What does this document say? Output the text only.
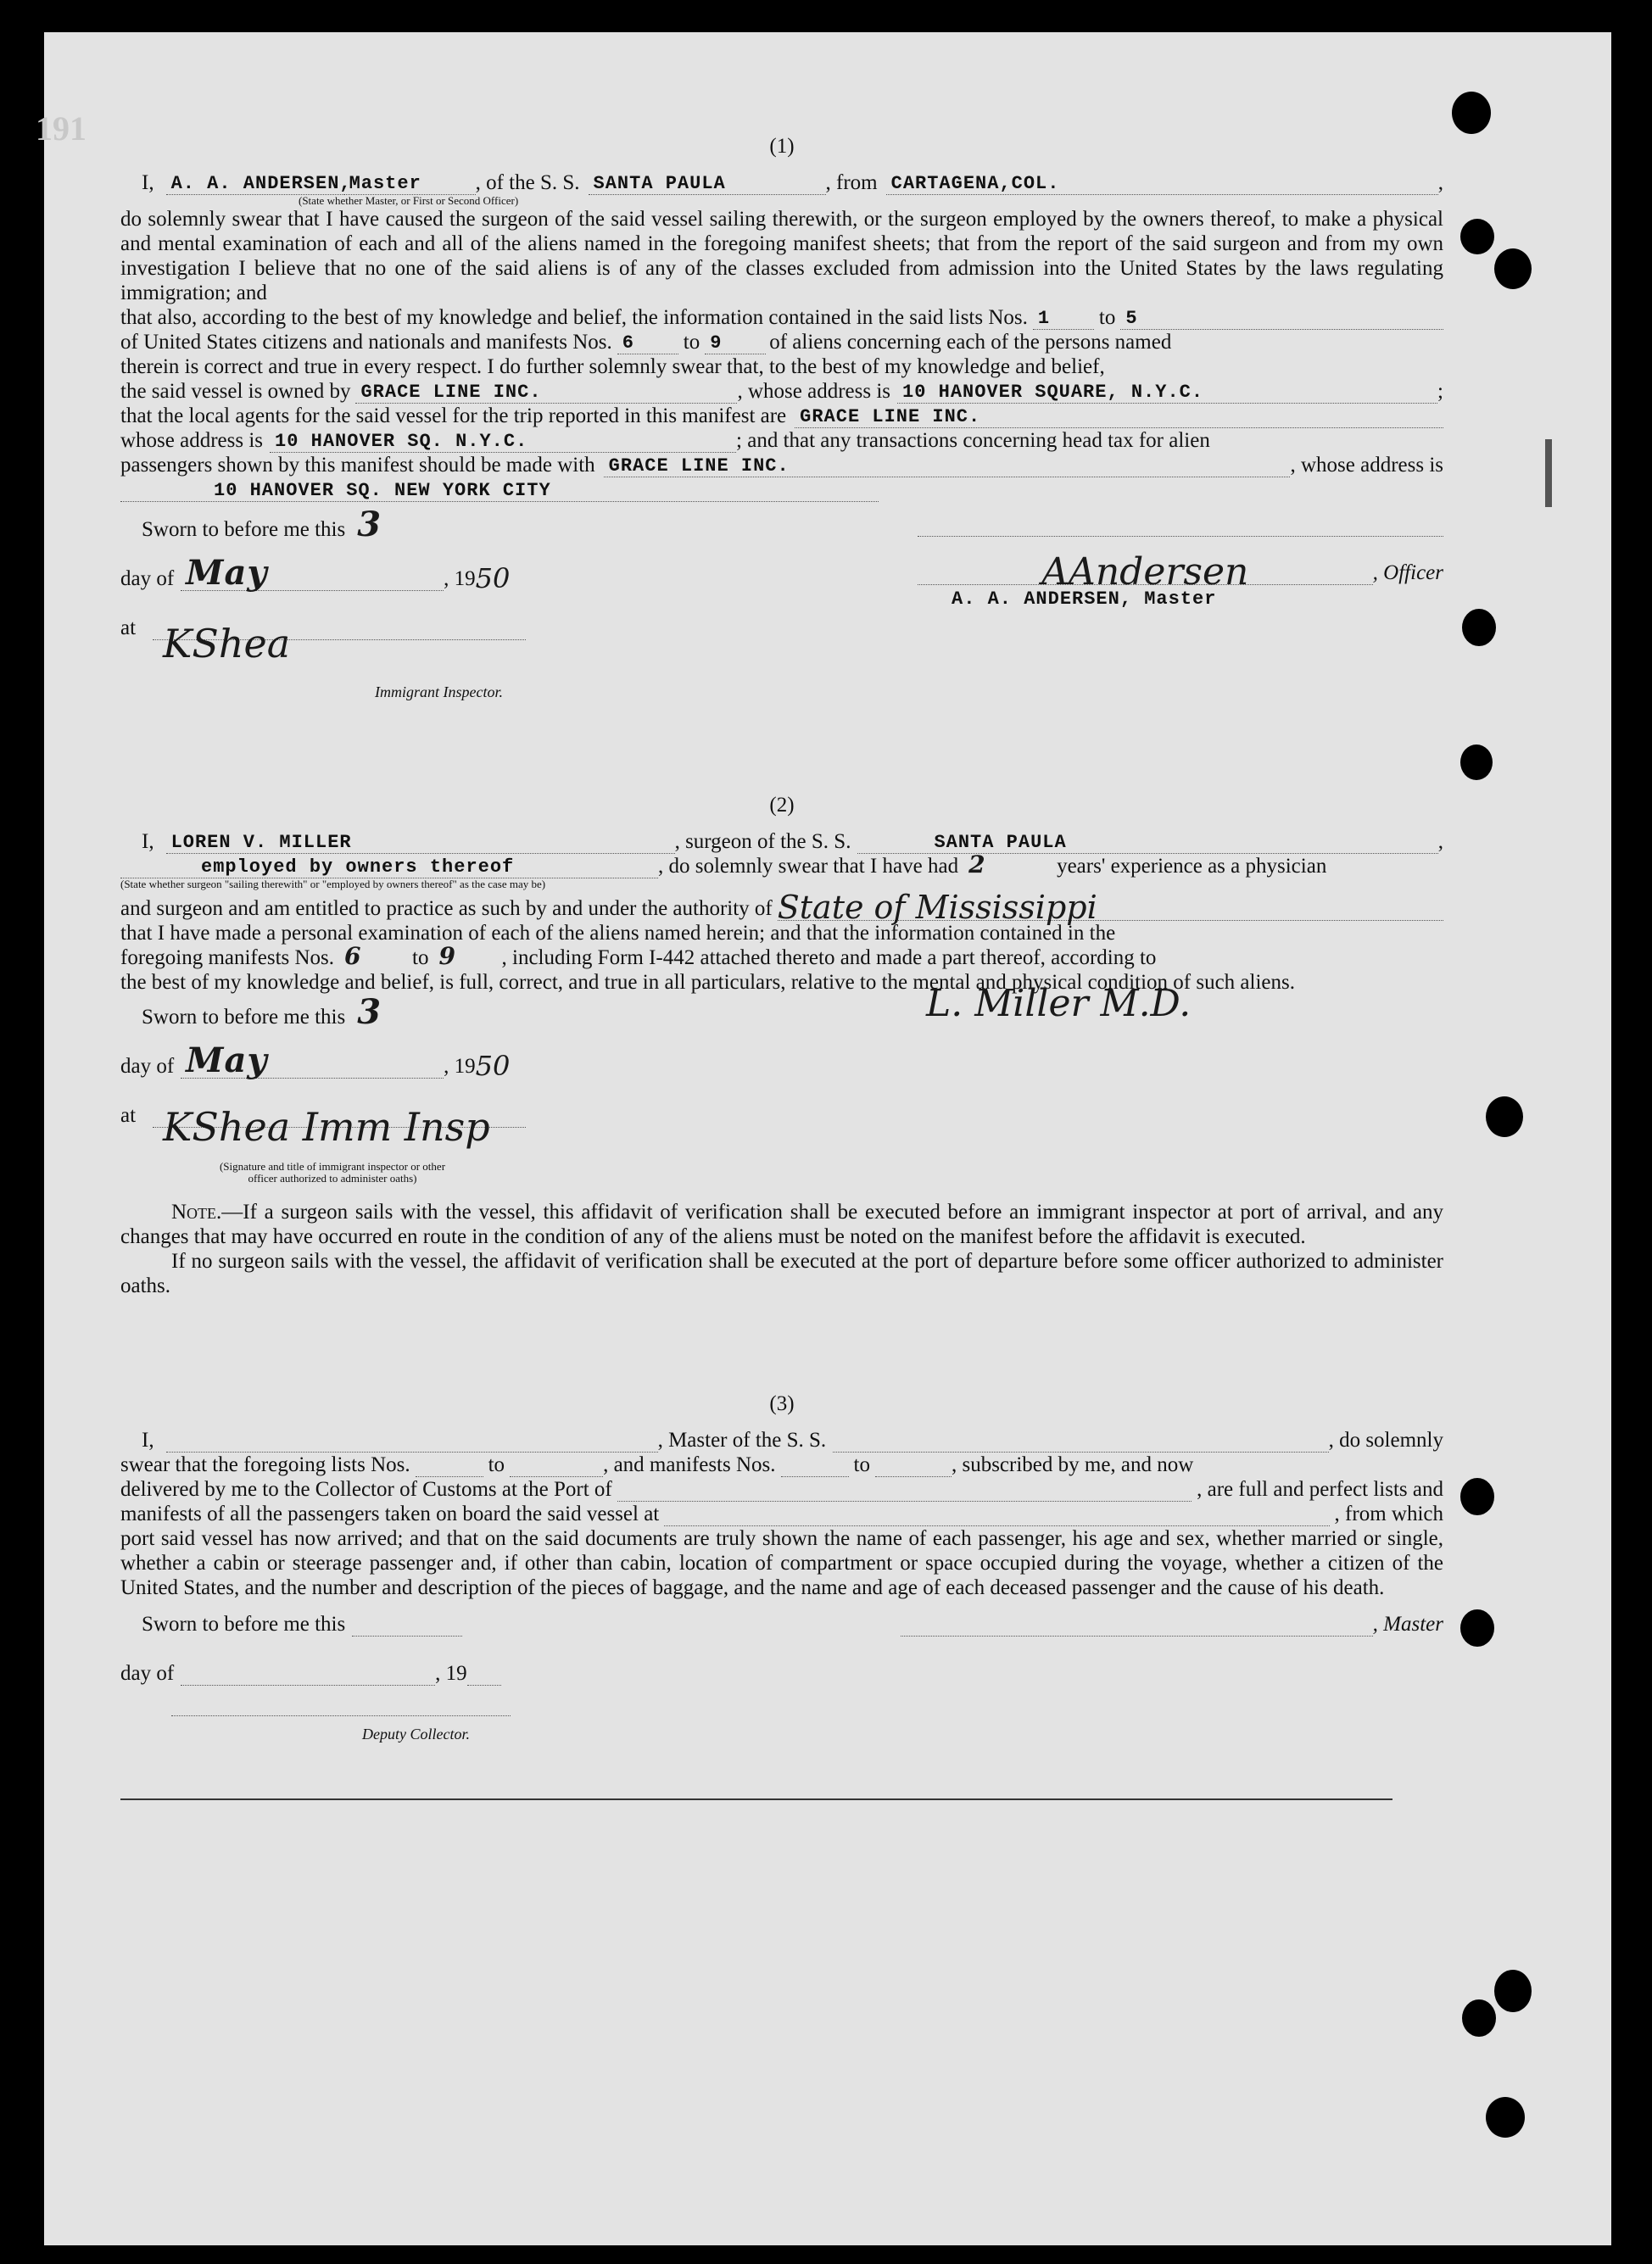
191	(1)
I, A. A. ANDERSEN,
Master	, of the S. S. SANTA PAULA	, from CARTAGENA,COL.	,
(State whether Master, or First or Second Officer)

do solemnly swear that I have caused the surgeon of the said vessel sailing therewith, or the surgeon employed by the owners thereof, to make a physical and mental examination of each and all of the aliens named in the foregoing manifest sheets; that from the report of the said surgeon and from my own investigation I believe that no one of the said aliens is of any of the classes excluded from admission into the United States by the laws regulating immigration; and

that also, according to the best of my knowledge and belief, the information contained in the said lists Nos. 1	to 5
of United States citizens and nationals and manifests Nos. 6	to 9	of aliens concerning each of the persons named

therein is correct and true in every respect. I do further solemnly swear that, to the best of my knowledge and belief,

the said vessel is owned by GRACE LINE INC.	, whose address is 10 HANOVER SQUARE, N.Y.C.	;
that the local agents for the said vessel for the trip reported in this manifest are GRACE LINE INC.
whose address is 10 HANOVER SQ. N.Y.C.	; and that any transactions concerning head tax for alien
passengers shown by this manifest should be made with GRACE LINE INC.	, whose address is
10 HANOVER SQ. NEW YORK CITY
Sworn to before me this 3
day of May	, 19 50	AAndersen	, Officer
A. A. ANDERSEN, Master
at KShea
Immigrant Inspector.
(2)
I, LOREN V. MILLER	, surgeon of the S. S.	SANTA PAULA	,
employed by owners thereof	, do solemnly swear that I have had 2	years' experience as a physician
(State whether surgeon "sailing therewith" or "employed by owners thereof" as the case may be)
and surgeon and am entitled to practice as such by and under the authority of State of Mississippi

that I have made a personal examination of each of the aliens named herein; and that the information contained in the

foregoing manifests Nos. 6	to 9	, including Form I-442 attached thereto and made a part thereof, according to

the best of my knowledge and belief, is full, correct, and true in all particulars, relative to the mental and physical condition of such aliens.

Sworn to before me this 3	L. Miller M.D.
day of May	, 19 50
at KShea Imm Insp
(Signature and title of immigrant inspector or other officer authorized to administer oaths)

Note.—If a surgeon sails with the vessel, this affidavit of verification shall be executed before an immigrant inspector at port of arrival, and any changes that may have occurred en route in the condition of any of the aliens must be noted on the manifest before the affidavit is executed.

If no surgeon sails with the vessel, the affidavit of verification shall be executed at the port of departure before some officer authorized to administer oaths.

(3)
I,	, Master of the S. S.	, do solemnly
swear that the foregoing lists Nos.	to	, and manifests Nos.	to	, subscribed by me, and now
delivered by me to the Collector of Customs at the Port of	, are full and perfect lists and
manifests of all the passengers taken on board the said vessel at	, from which

port said vessel has now arrived; and that on the said documents are truly shown the name of each passenger, his age and sex, whether married or single, whether a cabin or steerage passenger and, if other than cabin, location of compartment or space occupied during the voyage, whether a citizen of the United States, and the number and description of the pieces of baggage, and the name and age of each deceased passenger and the cause of his death.

Sworn to before me this	, Master
day of	, 19
Deputy Collector.
